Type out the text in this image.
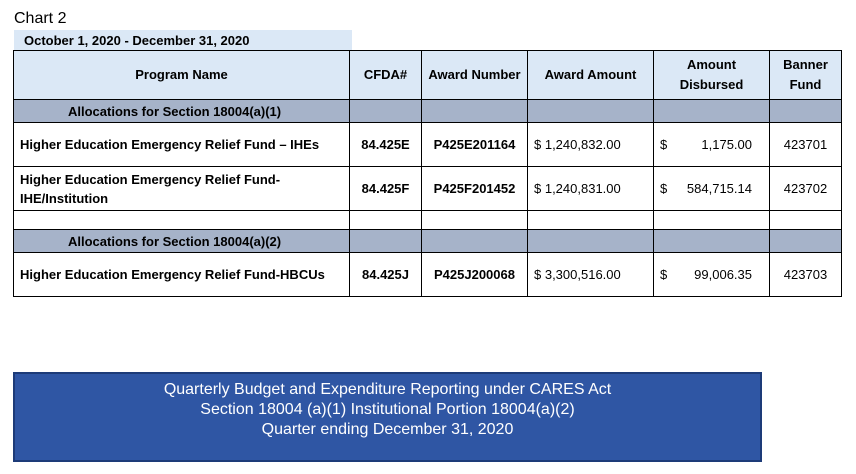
Chart 2
October 1, 2020 - December 31, 2020
Program Name	CFDA#	Award Number	Award Amount	Amount Disbursed	Banner Fund
Allocations for Section 18004(a)(1)					
Higher Education Emergency Relief Fund – IHEs	84.425E	P425E201164	$ 1,240,832.00	$ 1,175.00	423701
Higher Education Emergency Relief Fund- IHE/Institution	84.425F	P425F201452	$ 1,240,831.00	$ 584,715.14	423702

Allocations for Section 18004(a)(2)					
Higher Education Emergency Relief Fund-HBCUs	84.425J	P425J200068	$ 3,300,516.00	$ 99,006.35	423703
Quarterly Budget and Expenditure Reporting under CARES Act
Section 18004 (a)(1) Institutional Portion 18004(a)(2)
Quarter ending December 31, 2020
